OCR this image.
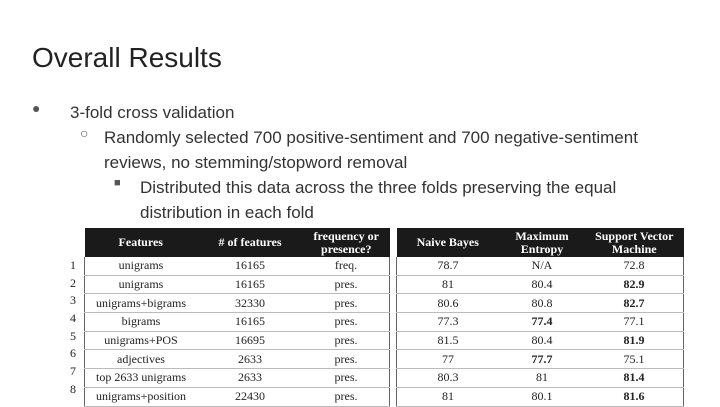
Overall Results
● 3-fold cross validation
○ Randomly selected 700 positive-sentiment and 700 negative-sentiment reviews, no stemming/stopword removal
■ Distributed this data across the three folds preserving the equal distribution in each fold
1
2
3
4
5
6
7
8
Features	# of features	frequency or presence?		Naive Bayes	Maximum Entropy	Support Vector Machine
unigrams	16165	freq.		78.7	N/A	72.8
unigrams	16165	pres.		81	80.4	82.9
unigrams+bigrams	32330	pres.		80.6	80.8	82.7
bigrams	16165	pres.		77.3	77.4	77.1
unigrams+POS	16695	pres.		81.5	80.4	81.9
adjectives	2633	pres.		77	77.7	75.1
top 2633 unigrams	2633	pres.		80.3	81	81.4
unigrams+position	22430	pres.		81	80.1	81.6
